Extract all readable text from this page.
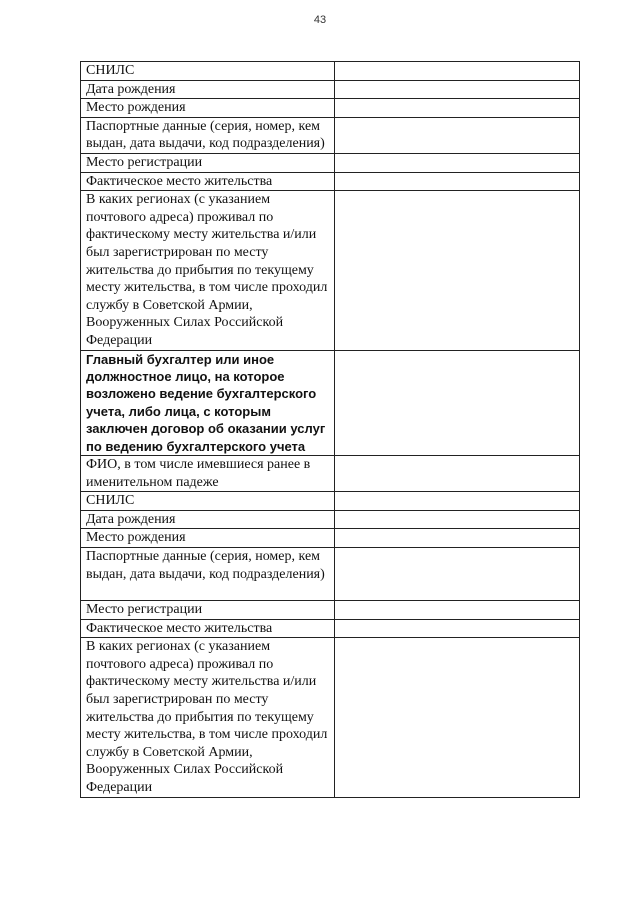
43
СНИЛС	

Дата рождения	

Место рождения	

Паспортные данные (серия, номер, кем выдан, дата выдачи, код подразделения)	

Место регистрации	

Фактическое место жительства	

В каких регионах (с указанием почтового адреса) проживал по фактическому месту жительства и/или был зарегистрирован по месту жительства до прибытия по текущему месту жительства, в том числе проходил службу в Советской Армии, Вооруженных Силах Российской Федерации	

Главный бухгалтер или иное должностное лицо, на которое возложено ведение бухгалтерского учета, либо лица, с которым заключен договор об оказании услуг по ведению бухгалтерского учета	

ФИО, в том числе имевшиеся ранее в именительном падеже	

СНИЛС	

Дата рождения	

Место рождения	

Паспортные данные (серия, номер, кем выдан, дата выдачи, код подразделения)	

Место регистрации	

Фактическое место жительства	

В каких регионах (с указанием почтового адреса) проживал по фактическому месту жительства и/или был зарегистрирован по месту жительства до прибытия по текущему месту жительства, в том числе проходил службу в Советской Армии, Вооруженных Силах Российской Федерации	
